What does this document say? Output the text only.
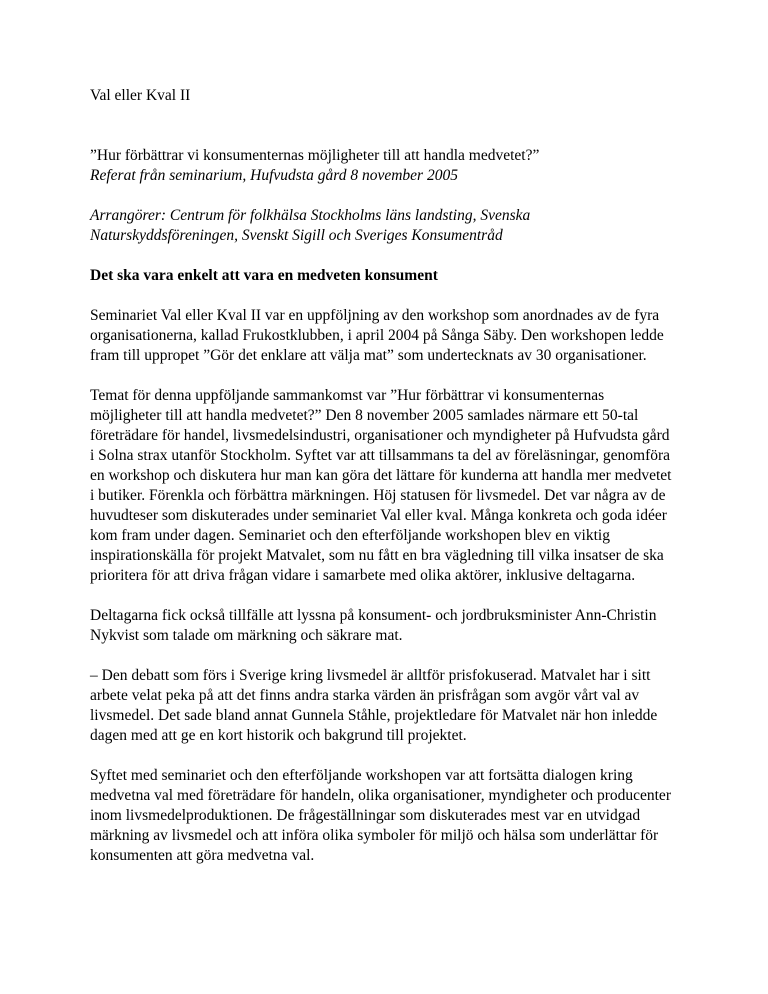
Val eller Kval II
”Hur förbättrar vi konsumenternas möjligheter till att handla medvetet?”
Referat från seminarium, Hufvudsta gård 8 november 2005
Arrangörer: Centrum för folkhälsa Stockholms läns landsting, Svenska
Naturskyddsföreningen, Svenskt Sigill och Sveriges Konsumentråd
Det ska vara enkelt att vara en medveten konsument
Seminariet Val eller Kval II var en uppföljning av den workshop som anordnades av de fyra
organisationerna, kallad Frukostklubben, i april 2004 på Sånga Säby. Den workshopen ledde
fram till uppropet ”Gör det enklare att välja mat” som undertecknats av 30 organisationer.
Temat för denna uppföljande sammankomst var ”Hur förbättrar vi konsumenternas
möjligheter till att handla medvetet?” Den 8 november 2005 samlades närmare ett 50-tal
företrädare för handel, livsmedelsindustri, organisationer och myndigheter på Hufvudsta gård
i Solna strax utanför Stockholm. Syftet var att tillsammans ta del av föreläsningar, genomföra
en workshop och diskutera hur man kan göra det lättare för kunderna att handla mer medvetet
i butiker. Förenkla och förbättra märkningen. Höj statusen för livsmedel. Det var några av de
huvudteser som diskuterades under seminariet Val eller kval. Många konkreta och goda idéer
kom fram under dagen. Seminariet och den efterföljande workshopen blev en viktig
inspirationskälla för projekt Matvalet, som nu fått en bra vägledning till vilka insatser de ska
prioritera för att driva frågan vidare i samarbete med olika aktörer, inklusive deltagarna.
Deltagarna fick också tillfälle att lyssna på konsument- och jordbruksminister Ann-Christin
Nykvist som talade om märkning och säkrare mat.
– Den debatt som förs i Sverige kring livsmedel är alltför prisfokuserad. Matvalet har i sitt
arbete velat peka på att det finns andra starka värden än prisfrågan som avgör vårt val av
livsmedel. Det sade bland annat Gunnela Ståhle, projektledare för Matvalet när hon inledde
dagen med att ge en kort historik och bakgrund till projektet.
Syftet med seminariet och den efterföljande workshopen var att fortsätta dialogen kring
medvetna val med företrädare för handeln, olika organisationer, myndigheter och producenter
inom livsmedelproduktionen. De frågeställningar som diskuterades mest var en utvidgad
märkning av livsmedel och att införa olika symboler för miljö och hälsa som underlättar för
konsumenten att göra medvetna val.
